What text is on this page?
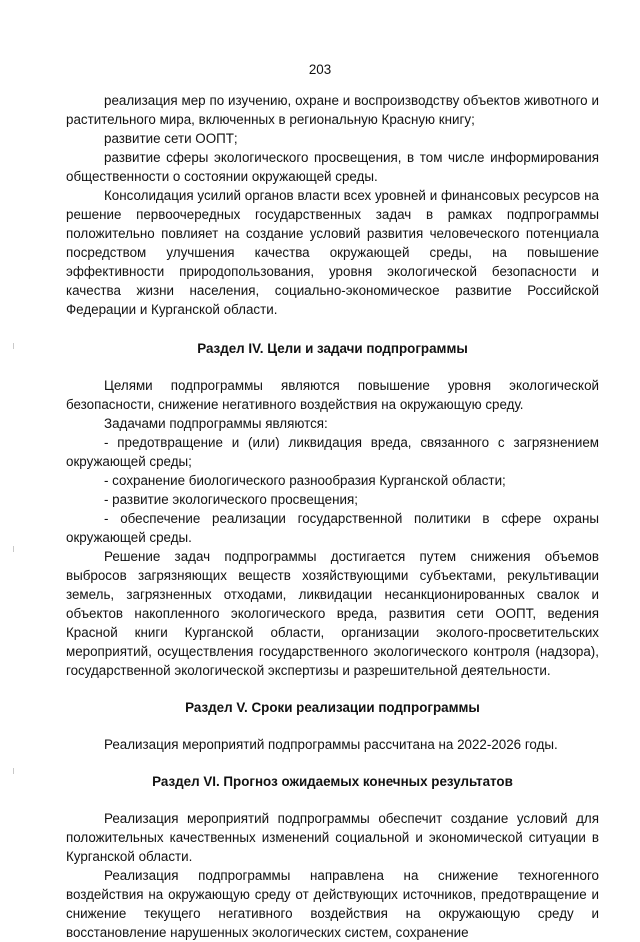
203

реализация мер по изучению, охране и воспроизводству объектов животного и растительного мира, включенных в региональную Красную книгу;

развитие сети ООПТ;

развитие сферы экологического просвещения, в том числе информирования общественности о состоянии окружающей среды.

Консолидация усилий органов власти всех уровней и финансовых ресурсов на решение первоочередных государственных задач в рамках подпрограммы положительно повлияет на создание условий развития человеческого потенциала посредством улучшения качества окружающей среды, на повышение эффективности природопользования, уровня экологической безопасности и качества жизни населения, социально-экономическое развитие Российской Федерации и Курганской области.

Раздел IV. Цели и задачи подпрограммы

Целями подпрограммы являются повышение уровня экологической безопасности, снижение негативного воздействия на окружающую среду.

Задачами подпрограммы являются:

- предотвращение и (или) ликвидация вреда, связанного с загрязнением окружающей среды;

- сохранение биологического разнообразия Курганской области;

- развитие экологического просвещения;

- обеспечение реализации государственной политики в сфере охраны окружающей среды.

Решение задач подпрограммы достигается путем снижения объемов выбросов загрязняющих веществ хозяйствующими субъектами, рекультивации земель, загрязненных отходами, ликвидации несанкционированных свалок и объектов накопленного экологического вреда, развития сети ООПТ, ведения Красной книги Курганской области, организации эколого-просветительских мероприятий, осуществления государственного экологического контроля (надзора), государственной экологической экспертизы и разрешительной деятельности.

Раздел V. Сроки реализации подпрограммы

Реализация мероприятий подпрограммы рассчитана на 2022-2026 годы.

Раздел VI. Прогноз ожидаемых конечных результатов

Реализация мероприятий подпрограммы обеспечит создание условий для положительных качественных изменений социальной и экономической ситуации в Курганской области.

Реализация подпрограммы направлена на снижение техногенного воздействия на окружающую среду от действующих источников, предотвращение и снижение текущего негативного воздействия на окружающую среду и восстановление нарушенных экологических систем, сохранение
